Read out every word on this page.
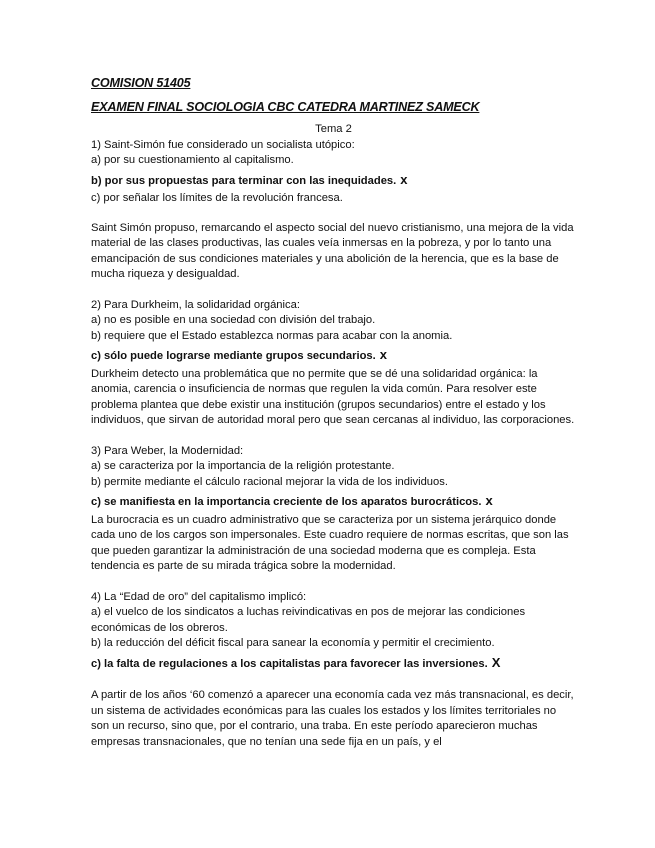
COMISION 51405

EXAMEN FINAL SOCIOLOGIA CBC CATEDRA MARTINEZ SAMECK

Tema 2

1) Saint-Simón fue considerado un socialista utópico:

a) por su cuestionamiento al capitalismo.

b) por sus propuestas para terminar con las inequidades. x

c) por señalar los límites de la revolución francesa.

Saint Simón propuso, remarcando el aspecto social del nuevo cristianismo, una mejora de la vida material de las clases productivas, las cuales veía inmersas en la pobreza, y por lo tanto una emancipación de sus condiciones materiales y una abolición de la herencia, que es la base de mucha riqueza y desigualdad.

2) Para Durkheim, la solidaridad orgánica:

a) no es posible en una sociedad con división del trabajo.

b) requiere que el Estado establezca normas para acabar con la anomia.

c) sólo puede lograrse mediante grupos secundarios. x

Durkheim detecto una problemática que no permite que se dé una solidaridad orgánica: la anomia, carencia o insuficiencia de normas que regulen la vida común. Para resolver este problema plantea que debe existir una institución (grupos secundarios) entre el estado y los individuos, que sirvan de autoridad moral pero que sean cercanas al individuo, las corporaciones.

3) Para Weber, la Modernidad:

a) se caracteriza por la importancia de la religión protestante.

b) permite mediante el cálculo racional mejorar la vida de los individuos.

c) se manifiesta en la importancia creciente de los aparatos burocráticos. x

La burocracia es un cuadro administrativo que se caracteriza por un sistema jerárquico donde cada uno de los cargos son impersonales. Este cuadro requiere de normas escritas, que son las que pueden garantizar la administración de una sociedad moderna que es compleja. Esta tendencia es parte de su mirada trágica sobre la modernidad.

4) La “Edad de oro” del capitalismo implicó:

a) el vuelco de los sindicatos a luchas reivindicativas en pos de mejorar las condiciones económicas de los obreros.

b) la reducción del déficit fiscal para sanear la economía y permitir el crecimiento.

c) la falta de regulaciones a los capitalistas para favorecer las inversiones. X

A partir de los años ‘60 comenzó a aparecer una economía cada vez más transnacional, es decir, un sistema de actividades económicas para las cuales los estados y los límites territoriales no son un recurso, sino que, por el contrario, una traba. En este período aparecieron muchas empresas transnacionales, que no tenían una sede fija en un país, y el
